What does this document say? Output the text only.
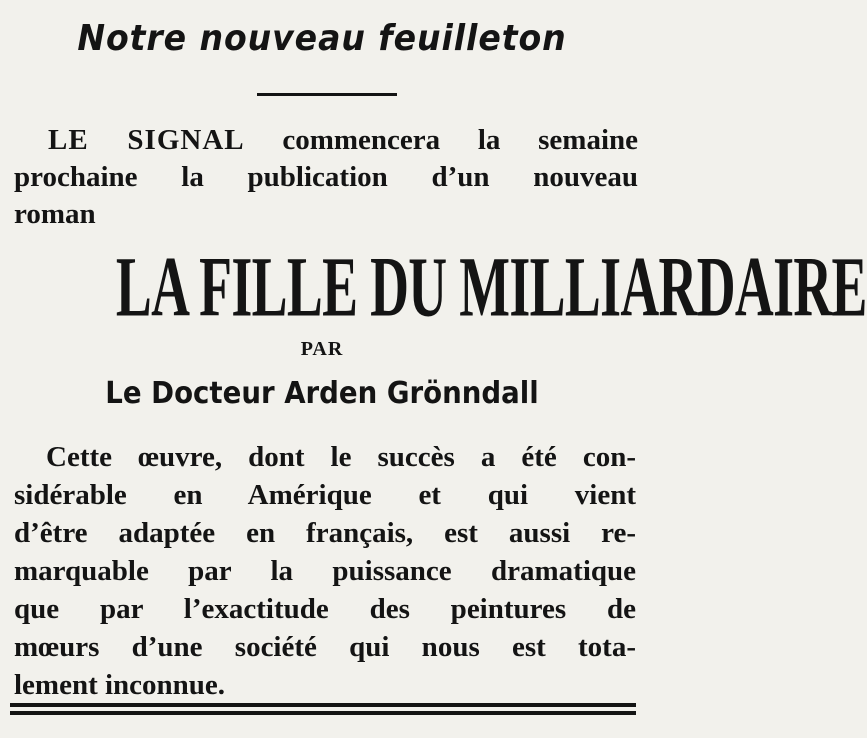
Notre nouveau feuilleton
LE SIGNAL commencera la semaine
prochaine la publication d’un nouveau
roman
LA FILLE DU MILLIARDAIRE
PAR
Le Docteur Arden Grönndall
Cette œuvre, dont le succès a été con-
sidérable en Amérique et qui vient
d’être adaptée en français, est aussi re-
marquable par la puissance dramatique
que par l’exactitude des peintures de
mœurs d’une société qui nous est tota-
lement inconnue.
